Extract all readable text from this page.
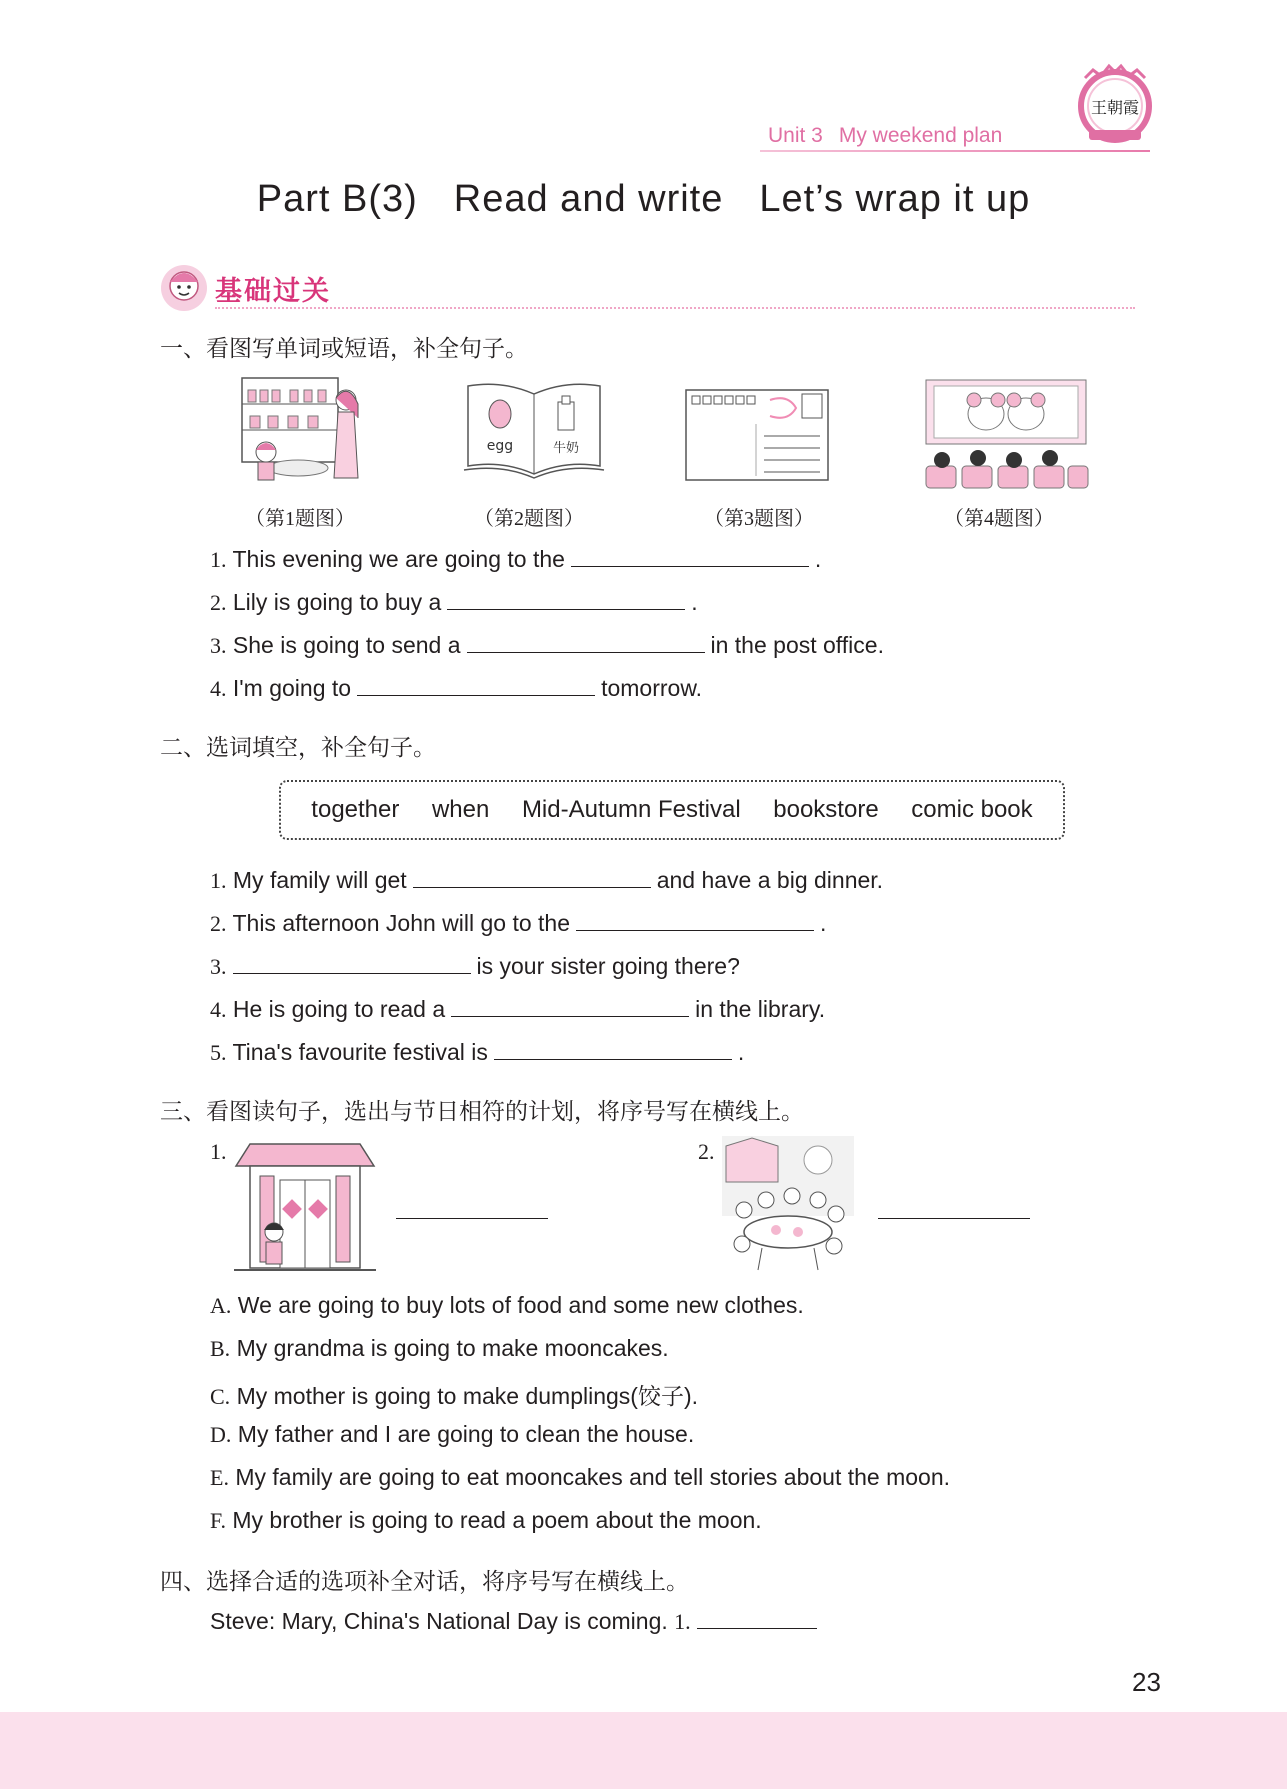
Unit 3 My weekend plan
王朝霞
Part B(3) Read and write Let’s wrap it up
基础过关
一、看图写单词或短语，补全句子。
egg	牛奶
（第1题图）	（第2题图）	（第3题图）	（第4题图）
1. This evening we are going to the	.
2. Lily is going to buy a	.
3. She is going to send a	in the post office.
4. I'm going to	tomorrow.
二、选词填空，补全句子。
together when Mid-Autumn Festival bookstore comic book
1. My family will get	and have a big dinner.
2. This afternoon John will go to the	.
3.	is your sister going there?
4. He is going to read a	in the library.
5. Tina's favourite festival is	.
三、看图读句子，选出与节日相符的计划，将序号写在横线上。
1.	2.
A. We are going to buy lots of food and some new clothes.
B. My grandma is going to make mooncakes.
C. My mother is going to make dumplings(饺子).
D. My father and I are going to clean the house.
E. My family are going to eat mooncakes and tell stories about the moon.
F. My brother is going to read a poem about the moon.
四、选择合适的选项补全对话，将序号写在横线上。
Steve: Mary, China's National Day is coming. 1.
23
